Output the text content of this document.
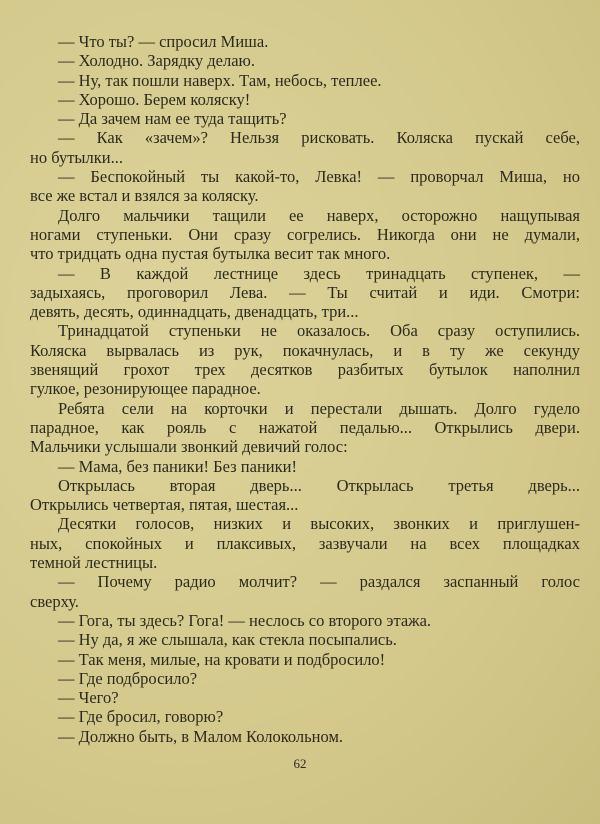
— Что ты? — спросил Миша.
— Холодно. Зарядку делаю.
— Ну, так пошли наверх. Там, небось, теплее.
— Хорошо. Берем коляску!
— Да зачем нам ее туда тащить?
— Как «зачем»? Нельзя рисковать. Коляска пускай себе,
но бутылки...
— Беспокойный ты какой-то, Левка! — проворчал Миша, но
все же встал и взялся за коляску.
Долго мальчики тащили ее наверх, осторожно нащупывая
ногами ступеньки. Они сразу согрелись. Никогда они не думали,
что тридцать одна пустая бутылка весит так много.
— В каждой лестнице здесь тринадцать ступенек, —
задыхаясь, проговорил Лева. — Ты считай и иди. Смотри:
девять, десять, одиннадцать, двенадцать, три...
Тринадцатой ступеньки не оказалось. Оба сразу оступились.
Коляска вырвалась из рук, покачнулась, и в ту же секунду
звенящий грохот трех десятков разбитых бутылок наполнил
гулкое, резонирующее парадное.
Ребята сели на корточки и перестали дышать. Долго гудело
парадное, как рояль с нажатой педалью... Открылись двери.
Мальчики услышали звонкий девичий голос:
— Мама, без паники! Без паники!
Открылась вторая дверь... Открылась третья дверь...
Открылись четвертая, пятая, шестая...
Десятки голосов, низких и высоких, звонких и приглушен-
ных, спокойных и плаксивых, зазвучали на всех площадках
темной лестницы.
— Почему радио молчит? — раздался заспанный голос
сверху.
— Гога, ты здесь? Гога! — неслось со второго этажа.
— Ну да, я же слышала, как стекла посыпались.
— Так меня, милые, на кровати и подбросило!
— Где подбросило?
— Чего?
— Где бросил, говорю?
— Должно быть, в Малом Колокольном.
62
